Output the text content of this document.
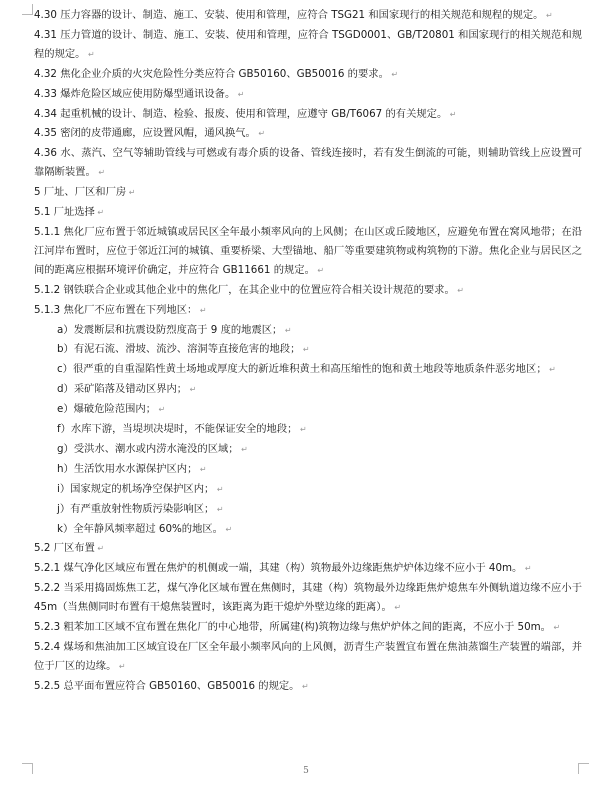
4.30 压力容器的设计、制造、施工、安装、使用和管理，应符合 TSG21 和国家现行的相关规范和规程的规定。 ↵

4.31 压力管道的设计、制造、施工、安装、使用和管理，应符合 TSGD0001、GB/T20801 和国家现行的相关规范和规程的规定。 ↵

4.32 焦化企业介质的火灾危险性分类应符合 GB50160、GB50016 的要求。 ↵

4.33 爆炸危险区域应使用防爆型通讯设备。 ↵

4.34 起重机械的设计、制造、检验、报废、使用和管理，应遵守 GB/T6067 的有关规定。 ↵

4.35 密闭的皮带通廊，应设置风帽，通风换气。 ↵

4.36 水、蒸汽、空气等辅助管线与可燃或有毒介质的设备、管线连接时，若有发生倒流的可能，则辅助管线上应设置可靠隔断装置。 ↵

5 厂址、厂区和厂房 ↵

5.1 厂址选择 ↵

5.1.1 焦化厂应布置于邻近城镇或居民区全年最小频率风向的上风侧；在山区或丘陵地区，应避免布置在窝风地带；在沿江河岸布置时，应位于邻近江河的城镇、重要桥梁、大型锚地、船厂等重要建筑物或构筑物的下游。焦化企业与居民区之间的距离应根据环境评价确定，并应符合 GB11661 的规定。 ↵

5.1.2 钢铁联合企业或其他企业中的焦化厂，在其企业中的位置应符合相关设计规范的要求。 ↵

5.1.3 焦化厂不应布置在下列地区： ↵

a）发震断层和抗震设防烈度高于 9 度的地震区； ↵

b）有泥石流、滑坡、流沙、溶洞等直接危害的地段； ↵

c）很严重的自重湿陷性黄土场地或厚度大的新近堆积黄土和高压缩性的饱和黄土地段等地质条件恶劣地区； ↵

d）采矿陷落及错动区界内； ↵

e）爆破危险范围内； ↵

f）水库下游，当堤坝决堤时，不能保证安全的地段； ↵

g）受洪水、潮水或内涝水淹没的区域； ↵

h）生活饮用水水源保护区内； ↵

i）国家规定的机场净空保护区内； ↵

j）有严重放射性物质污染影响区； ↵

k）全年静风频率超过 60%的地区。 ↵

5.2 厂区布置 ↵

5.2.1 煤气净化区域应布置在焦炉的机侧或一端，其建（构）筑物最外边缘距焦炉炉体边缘不应小于 40m。 ↵

5.2.2 当采用捣固炼焦工艺，煤气净化区域布置在焦侧时，其建（构）筑物最外边缘距焦炉熄焦车外侧轨道边缘不应小于 45m（当焦侧同时布置有干熄焦装置时，该距离为距干熄炉外壁边缘的距离）。 ↵

5.2.3 粗苯加工区域不宜布置在焦化厂的中心地带，所属建(构)筑物边缘与焦炉炉体之间的距离，不应小于 50m。 ↵

5.2.4 煤场和焦油加工区域宜设在厂区全年最小频率风向的上风侧，沥青生产装置宜布置在焦油蒸馏生产装置的端部，并位于厂区的边缘。 ↵

5.2.5 总平面布置应符合 GB50160、GB50016 的规定。 ↵

5
